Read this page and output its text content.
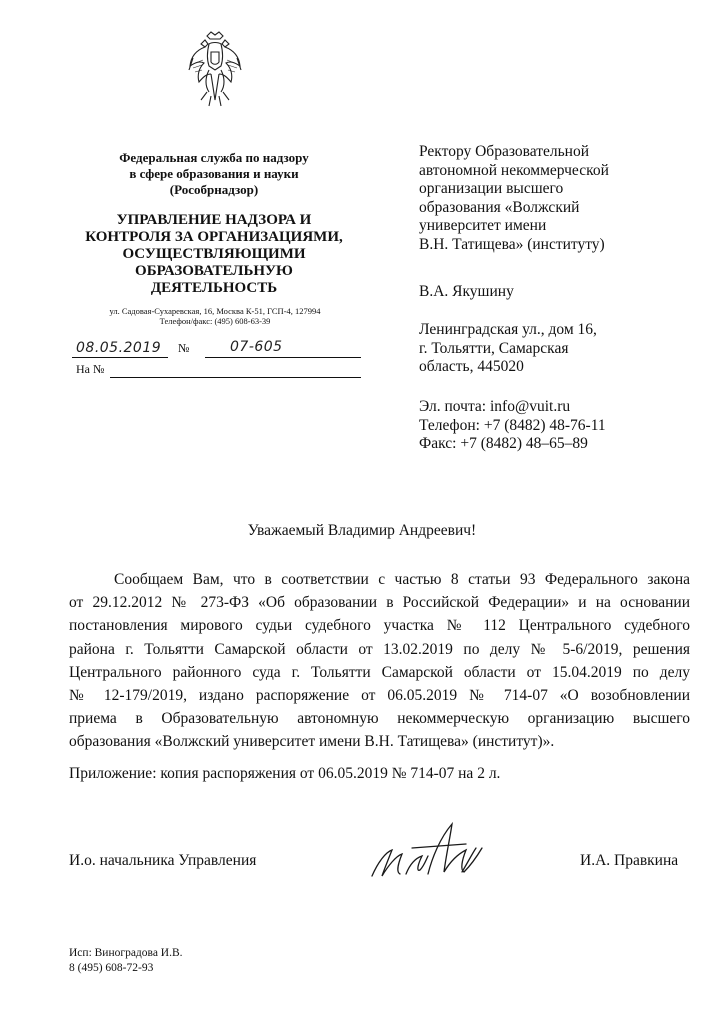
Федеральная служба по надзору
в сфере образования и науки
(Рособрнадзор)
УПРАВЛЕНИЕ НАДЗОРА И
КОНТРОЛЯ ЗА ОРГАНИЗАЦИЯМИ,
ОСУЩЕСТВЛЯЮЩИМИ
ОБРАЗОВАТЕЛЬНУЮ
ДЕЯТЕЛЬНОСТЬ
ул. Садовая-Сухаревская, 16, Москва К-51, ГСП-4, 127994
Телефон/факс: (495) 608-63-39
08.05.2019 №	07-605
На №
Ректору Образовательной
автономной некоммерческой
организации высшего
образования «Волжский
университет имени
В.Н. Татищева» (институту)
В.А. Якушину
Ленинградская ул., дом 16,
г. Тольятти, Самарская
область, 445020
Эл. почта: info@vuit.ru
Телефон: +7 (8482) 48-76-11
Факс: +7 (8482) 48–65–89
Уважаемый Владимир Андреевич!
Сообщаем Вам, что в соответствии с частью 8 статьи 93 Федерального закона
от 29.12.2012 № 273-ФЗ «Об образовании в Российской Федерации» и на основании
постановления мирового судьи судебного участка № 112 Центрального судебного
района г. Тольятти Самарской области от 13.02.2019 по делу № 5-6/2019, решения
Центрального районного суда г. Тольятти Самарской области от 15.04.2019 по делу
№ 12-179/2019, издано распоряжение от 06.05.2019 № 714-07 «О возобновлении
приема в Образовательную автономную некоммерческую организацию высшего
образования «Волжский университет имени В.Н. Татищева» (институт)».
Приложение: копия распоряжения от 06.05.2019 № 714-07 на 2 л.
И.о. начальника Управления	И.А. Правкина
Исп: Виноградова И.В.
8 (495) 608-72-93
